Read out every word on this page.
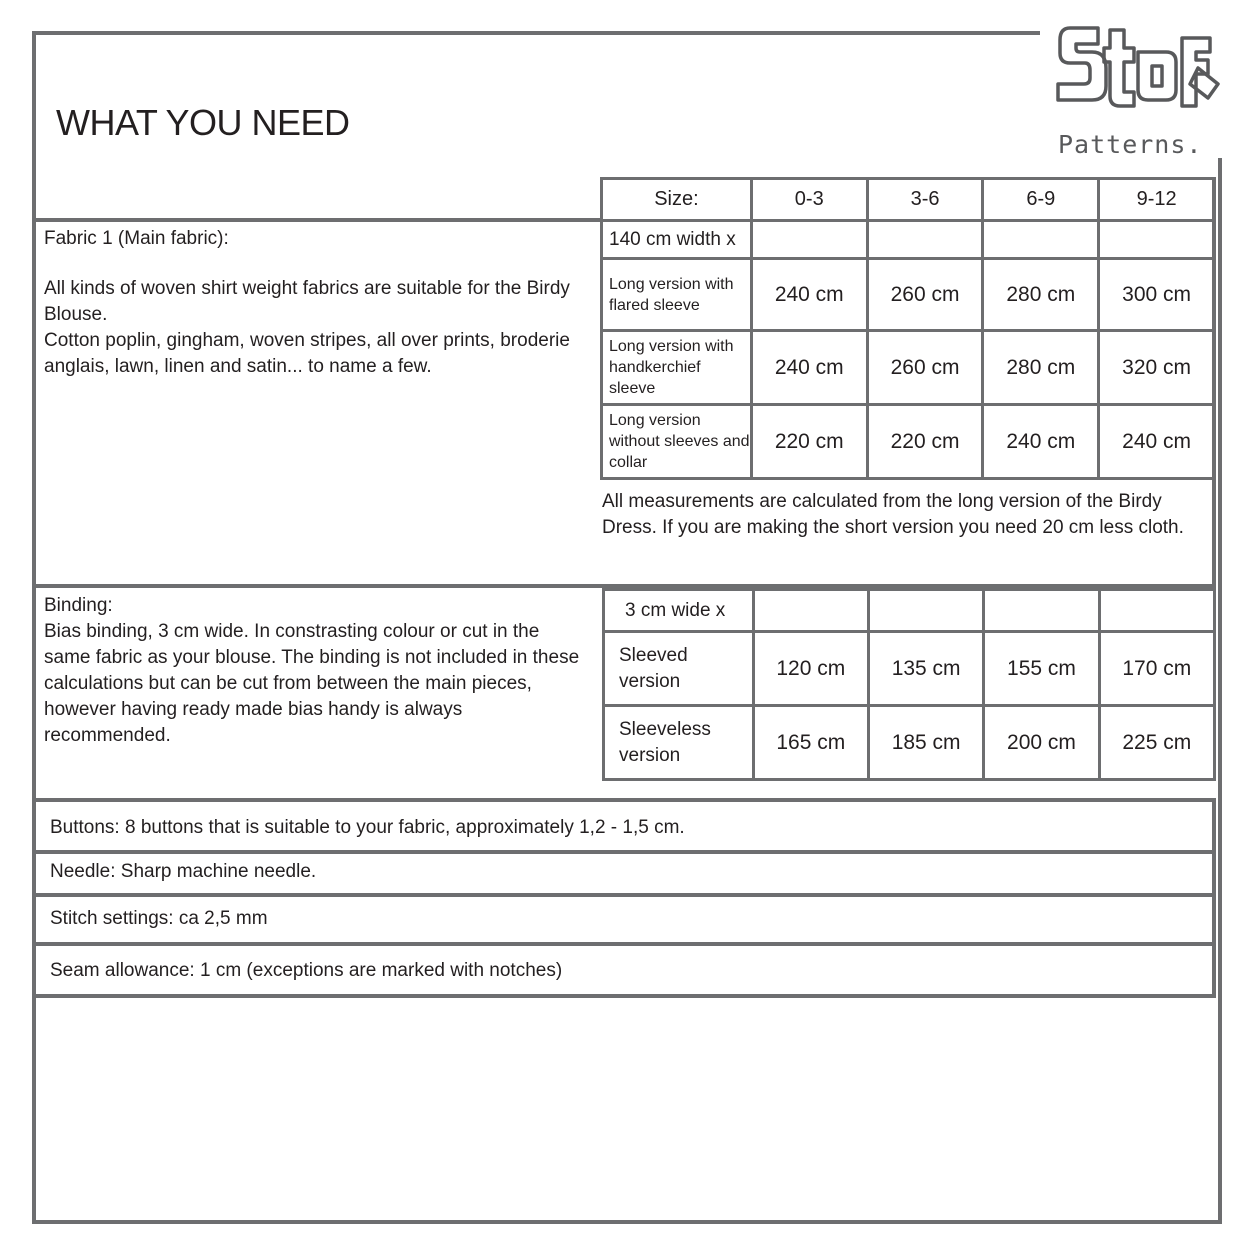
WHAT YOU NEED
Patterns.
Size:	0-3	3-6	6-9	9-12
140 cm width x				
Long version with flared sleeve	240 cm	260 cm	280 cm	300 cm
Long version with handkerchief sleeve	240 cm	260 cm	280 cm	320 cm
Long version without sleeves and collar	220 cm	220 cm	240 cm	240 cm
Fabric 1 (Main fabric):
All kinds of woven shirt weight fabrics are suitable for the Birdy Blouse.
Cotton poplin, gingham, woven stripes, all over prints, broderie anglais, lawn, linen and satin... to name a few.
All measurements are calculated from the long version of the Birdy Dress. If you are making the short version you need 20 cm less cloth.
3 cm wide x				
Sleeved version	120 cm	135 cm	155 cm	170 cm
Sleeveless version	165 cm	185 cm	200 cm	225 cm
Binding:
Bias binding, 3 cm wide. In constrasting colour or cut in the same fabric as your blouse. The binding is not included in these calculations but can be cut from between the main pieces, however having ready made bias handy is always recommended.
Buttons: 8 buttons that is suitable to your fabric, approximately 1,2 - 1,5 cm.
Needle: Sharp machine needle.
Stitch settings: ca 2,5 mm
Seam allowance: 1 cm (exceptions are marked with notches)
